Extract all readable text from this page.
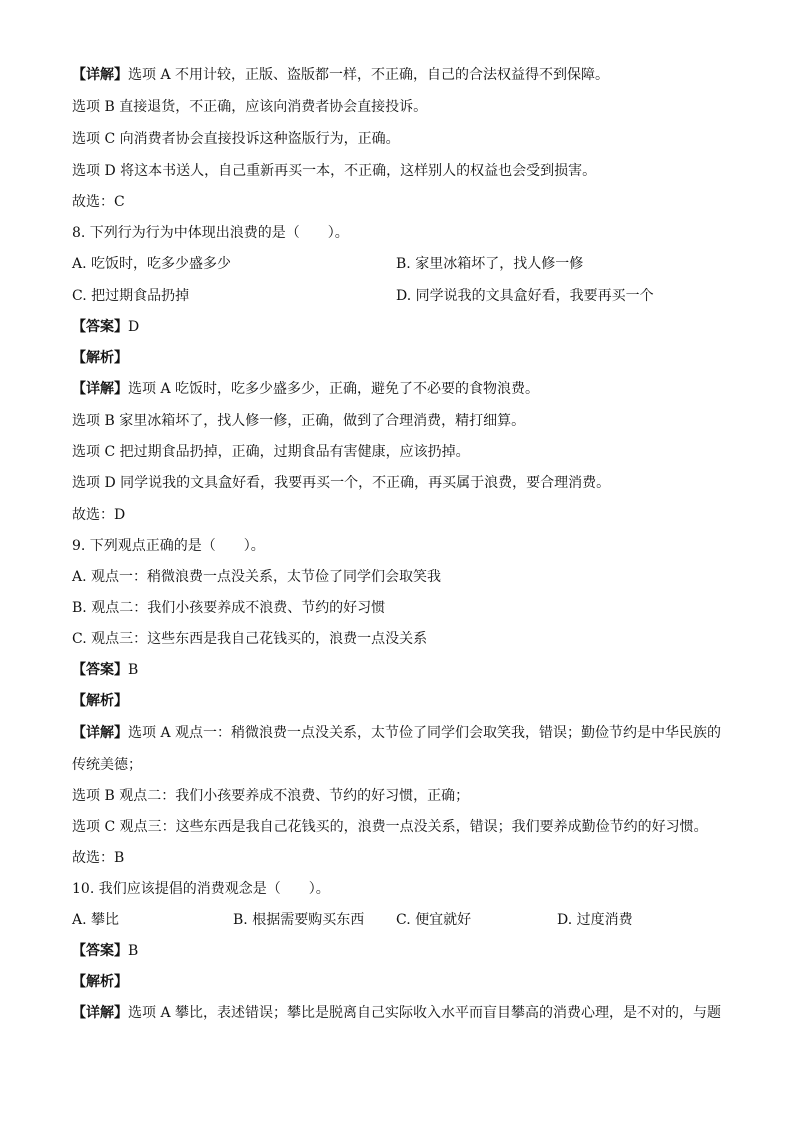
【详解】选项 A 不用计较，正版、盗版都一样，不正确，自己的合法权益得不到保障。
选项 B 直接退货，不正确，应该向消费者协会直接投诉。
选项 C 向消费者协会直接投诉这种盗版行为，正确。
选项 D 将这本书送人，自己重新再买一本，不正确，这样别人的权益也会受到损害。
故选：C
8. 下列行为行为中体现出浪费的是（　　）。
A. 吃饭时，吃多少盛多少	B. 家里冰箱坏了，找人修一修
C. 把过期食品扔掉	D. 同学说我的文具盒好看，我要再买一个
【答案】D
【解析】
【详解】选项 A 吃饭时，吃多少盛多少，正确，避免了不必要的食物浪费。
选项 B 家里冰箱坏了，找人修一修，正确，做到了合理消费，精打细算。
选项 C 把过期食品扔掉，正确，过期食品有害健康，应该扔掉。
选项 D 同学说我的文具盒好看，我要再买一个，不正确，再买属于浪费，要合理消费。
故选：D
9. 下列观点正确的是（　　）。
A. 观点一：稍微浪费一点没关系，太节俭了同学们会取笑我
B. 观点二：我们小孩要养成不浪费、节约的好习惯
C. 观点三：这些东西是我自己花钱买的，浪费一点没关系
【答案】B
【解析】
【详解】选项 A 观点一：稍微浪费一点没关系，太节俭了同学们会取笑我，错误；勤俭节约是中华民族的
传统美德；
选项 B 观点二：我们小孩要养成不浪费、节约的好习惯，正确；
选项 C 观点三：这些东西是我自己花钱买的，浪费一点没关系，错误；我们要养成勤俭节约的好习惯。
故选：B
10. 我们应该提倡的消费观念是（　　）。
A. 攀比	B. 根据需要购买东西 C. 便宜就好	D. 过度消费
【答案】B
【解析】
【详解】选项 A 攀比，表述错误；攀比是脱离自己实际收入水平而盲目攀高的消费心理，是不对的，与题
